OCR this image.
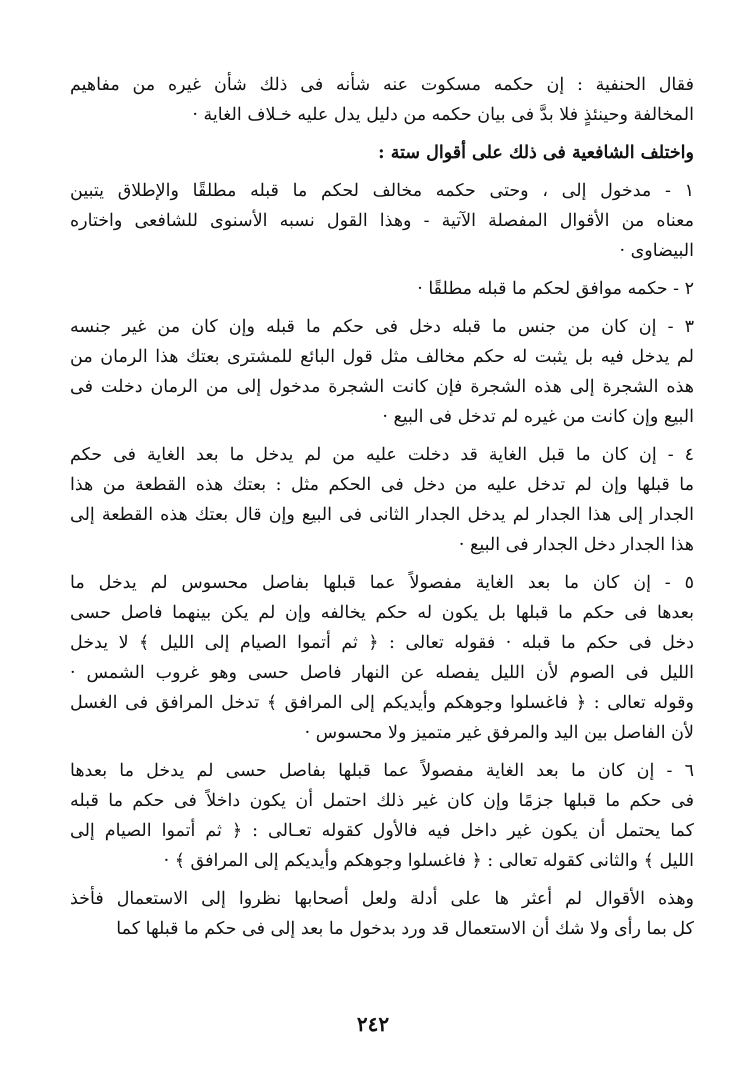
فقال الحنفية : إن حكمه مسكوت عنه شأنه فى ذلك شأن غيره من مفاهيم
المخالفة وحينئذٍ فلا بدَّ فى بيان حكمه من دليل يدل عليه خـلاف الغاية ·
واختلف الشافعية فى ذلك على أقوال ستة :
١ - مدخول إلى ، وحتى حكمه مخالف لحكم ما قبله مطلقًا والإطلاق يتبين
معناه من الأقوال المفصلة الآتية - وهذا القول نسبه الأسنوى للشافعى واختاره
البيضاوى ·
٢ - حكمه موافق لحكم ما قبله مطلقًا ·
٣ - إن كان من جنس ما قبله دخل فى حكم ما قبله وإن كان من غير جنسه
لم يدخل فيه بل يثبت له حكم مخالف مثل قول البائع للمشترى بعتك هذا الرمان من
هذه الشجرة إلى هذه الشجرة فإن كانت الشجرة مدخول إلى من الرمان دخلت فى
البيع وإن كانت من غيره لم تدخل فى البيع ·
٤ - إن كان ما قبل الغاية قد دخلت عليه من لم يدخل ما بعد الغاية فى حكم
ما قبلها وإن لم تدخل عليه من دخل فى الحكم مثل : بعتك هذه القطعة من هذا
الجدار إلى هذا الجدار لم يدخل الجدار الثانى فى البيع وإن قال بعتك هذه القطعة إلى
هذا الجدار دخل الجدار فى البيع ·
٥ - إن كان ما بعد الغاية مفصولاً عما قبلها بفاصل محسوس لم يدخل ما
بعدها فى حكم ما قبلها بل يكون له حكم يخالفه وإن لم يكن بينهما فاصل حسى
دخل فى حكم ما قبله · فقوله تعالى : ﴿ ثم أتموا الصيام إلى الليل ﴾ لا يدخل
الليل فى الصوم لأن الليل يفصله عن النهار فاصل حسى وهو غروب الشمس ·
وقوله تعالى : ﴿ فاغسلوا وجوهكم وأيديكم إلى المرافق ﴾ تدخل المرافق فى الغسل
لأن الفاصل بين اليد والمرفق غير متميز ولا محسوس ·
٦ - إن كان ما بعد الغاية مفصولاً عما قبلها بفاصل حسى لم يدخل ما بعدها
فى حكم ما قبلها جزمًا وإن كان غير ذلك احتمل أن يكون داخلاً فى حكم ما قبله
كما يحتمل أن يكون غير داخل فيه فالأول كقوله تعـالى : ﴿ ثم أتموا الصيام إلى
الليل ﴾ والثانى كقوله تعالى : ﴿ فاغسلوا وجوهكم وأيديكم إلى المرافق ﴾ ·
وهذه الأقوال لم أعثر ها على أدلة ولعل أصحابها نظروا إلى الاستعمال فأخذ
كل بما رأى ولا شك أن الاستعمال قد ورد بدخول ما بعد إلى فى حكم ما قبلها كما
٢٤٢
